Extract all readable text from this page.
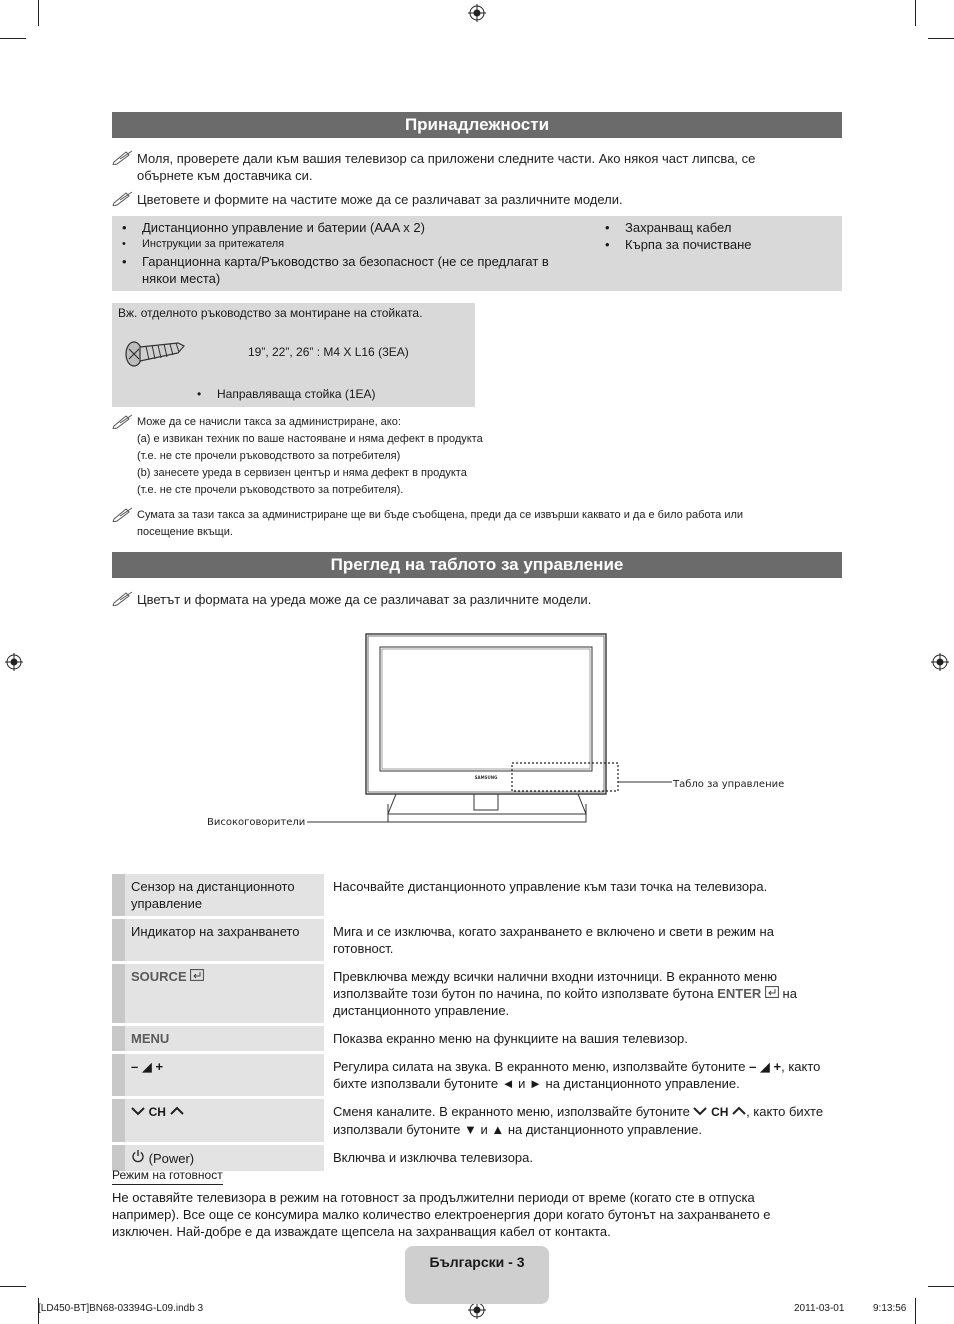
Принадлежности
Моля, проверете дали към вашия телевизор са приложени следните части. Ако някоя част липсва, се
обърнете към доставчика си.
Цветовете и формите на частите може да се различават за различните модели.
• Дистанционно управление и батерии (AAA x 2)
• Инструкции за притежателя
• Гаранционна карта/Ръководство за безопасност (не се предлагат в
някои места)
• Захранващ кабел
• Кърпа за почистване
Вж. отделното ръководство за монтиране на стойката.
19”, 22”, 26” : M4 X L16 (3EA)
• Направляваща стойка (1EA)
Може да се начисли такса за администриране, ако:
(a) е извикан техник по ваше настояване и няма дефект в продукта
(т.е. не сте прочели ръководството за потребителя)
(b) занесете уреда в сервизен център и няма дефект в продукта
(т.е. не сте прочели ръководството за потребителя).
Сумата за тази такса за администриране ще ви бъде съобщена, преди да се извърши каквато и да е било работа или
посещение вкъщи.
Преглед на таблото за управление
Цветът и формата на уреда може да се различават за различните модели.
SAMSUNG
Табло за управление
Високоговорители
	Сензор на дистанционното управление	Насочвайте дистанционното управление към тази точка на телевизора.
	Индикатор на захранването	Мига и се изключва, когато захранването е включено и свети в режим на готовност.
	SOURCE	Превключва между всички налични входни източници. В екранното меню използвайте този бутон по начина, по който използвате бутона ENTER  на дистанционното управление.
	MENU	Показва екранно меню на функциите на вашия телевизор.
	– ◢ +	Регулира силата на звука. В екранното меню, използвайте бутоните – ◢ +, както бихте използвали бутоните ◄ и ► на дистанционното управление.
	CH	Сменя каналите. В екранното меню, използвайте бутоните  CH , както бихте използвали бутоните ▼ и ▲ на дистанционното управление.
	(Power)	Включва и изключва телевизора.
Режим на готовност
Не оставяйте телевизора в режим на готовност за продължителни периоди от време (когато сте в отпуска например). Все още се консумира малко количество електроенергия дори когато бутонът на захранването е изключен. Най-добре е да изваждате щепсела на захранващия кабел от контакта.
Български - 3
[LD450-BT]BN68-03394G-L09.indb 3	2011-03-01	9:13:56
